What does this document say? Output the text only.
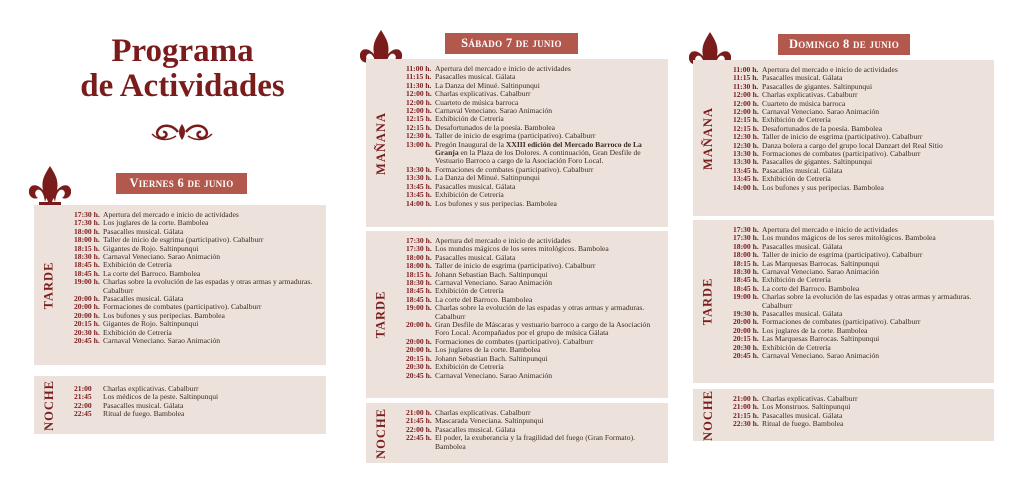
Programa
de Actividades
Viernes 6 de junio
TARDE
17:30 h. Apertura del mercado e inicio de actividades
17:30 h. Los juglares de la corte. Bambolea
18:00 h. Pasacalles musical. Gálata
18:00 h. Taller de inicio de esgrima (participativo). Cabalburr
18:15 h. Gigantes de Rojo. Saltinpunqui
18:30 h. Carnaval Veneciano. Sarao Animación
18:45 h. Exhibición de Cetrería
18:45 h. La corte del Barroco. Bambolea
19:00 h. Charlas sobre la evolución de las espadas y otras armas y armaduras. Cabalburr
20:00 h. Pasacalles musical. Gálata
20:00 h. Formaciones de combates (participativo). Cabalburr
20:00 h. Los bufones y sus peripecias. Bambolea
20:15 h. Gigantes de Rojo. Saltinpunqui
20:30 h. Exhibición de Cetrería
20:45 h. Carnaval Veneciano. Sarao Animación
NOCHE 21:00	Charlas explicativas. Cabalburr
21:45	Los médicos de la peste. Saltinpunqui
22:00	Pasacalles musical. Gálata
22:45	Ritual de fuego. Bambolea
Sábado 7 de junio
MAÑANA
11:00 h. Apertura del mercado e inicio de actividades
11:15 h. Pasacalles musical. Gálata
11:30 h. La Danza del Minué. Saltinpunqui
12:00 h. Charlas explicativas. Cabalburr
12:00 h. Cuarteto de música barroca
12:00 h. Carnaval Veneciano. Sarao Animación
12:15 h. Exhibición de Cetrería
12:15 h. Desafortunados de la poesía. Bambolea
12:30 h. Taller de inicio de esgrima (participativo). Cabalburr
13:00 h. Pregón Inaugural de la XXIII edición del Mercado Barroco de La Granja en la Plaza de los Dolores. A continuación, Gran Desfile de Vestuario Barroco a cargo de la Asociación Foro Local.
13:30 h. Formaciones de combates (participativo). Cabalburr
13:30 h. La Danza del Minué. Saltinpunqui
13:45 h. Pasacalles musical. Gálata
13:45 h. Exhibición de Cetrería
14:00 h. Los bufones y sus peripecias. Bambolea
TARDE
17:30 h. Apertura del mercado e inicio de actividades
17:30 h. Los mundos mágicos de los seres mitológicos. Bambolea
18:00 h. Pasacalles musical. Gálata
18:00 h. Taller de inicio de esgrima (participativo). Cabalburr
18:15 h. Johann Sebastian Bach. Saltinpunqui
18:30 h. Carnaval Veneciano. Sarao Animación
18:45 h. Exhibición de Cetrería
18:45 h. La corte del Barroco. Bambolea
19:00 h. Charlas sobre la evolución de las espadas y otras armas y armaduras. Cabalburr
20:00 h. Gran Desfile de Máscaras y vestuario barroco a cargo de la Asociación Foro Local. Acompañados por el grupo de música Gálata
20:00 h. Formaciones de combates (participativo). Cabalburr
20:00 h. Los juglares de la corte. Bambolea
20:15 h. Johann Sebastian Bach. Saltinpunqui
20:30 h. Exhibición de Cetrería
20:45 h. Carnaval Veneciano. Sarao Animación
NOCHE 21:00 h. Charlas explicativas. Cabalburr
21:45 h. Mascarada Veneciana. Saltinpunqui
22:00 h. Pasacalles musical. Gálata
22:45 h. El poder, la exuberancia y la fragilidad del fuego (Gran Formato). Bambolea
Domingo 8 de junio
MAÑANA
11:00 h. Apertura del mercado e inicio de actividades
11:15 h. Pasacalles musical. Gálata
11:30 h. Pasacalles de gigantes. Saltinpunqui
12:00 h. Charlas explicativas. Cabalburr
12:00 h. Cuarteto de música barroca
12:00 h. Carnaval Veneciano. Sarao Animación
12:15 h. Exhibición de Cetrería
12:15 h. Desafortunados de la poesía. Bambolea
12:30 h. Taller de inicio de esgrima (participativo). Cabalburr
12:30 h. Danza bolera a cargo del grupo local Danzart del Real Sitio
13:30 h. Formaciones de combates (participativo). Cabalburr
13:30 h. Pasacalles de gigantes. Saltinpunqui
13:45 h. Pasacalles musical. Gálata
13:45 h. Exhibición de Cetrería
14:00 h. Los bufones y sus peripecias. Bambolea
TARDE
17:30 h. Apertura del mercado e inicio de actividades
17:30 h. Los mundos mágicos de los seres mitológicos. Bambolea
18:00 h. Pasacalles musical. Gálata
18:00 h. Taller de inicio de esgrima (participativo). Cabalburr
18:15 h. Las Marquesas Barrocas. Saltinpunqui
18:30 h. Carnaval Veneciano. Sarao Animación
18:45 h. Exhibición de Cetrería
18:45 h. La corte del Barroco. Bambolea
19:00 h. Charlas sobre la evolución de las espadas y otras armas y armaduras. Cabalburr
19:30 h. Pasacalles musical. Gálata
20:00 h. Formaciones de combates (participativo). Cabalburr
20:00 h. Los juglares de la corte. Bambolea
20:15 h. Las Marquesas Barrocas. Saltinpunqui
20:30 h. Exhibición de Cetrería
20:45 h. Carnaval Veneciano. Sarao Animación
NOCHE 21:00 h. Charlas explicativas. Cabalburr
21:00 h. Los Monstruos. Saltinpunqui
21:15 h. Pasacalles musical. Gálata
22:30 h. Ritual de fuego. Bambolea
